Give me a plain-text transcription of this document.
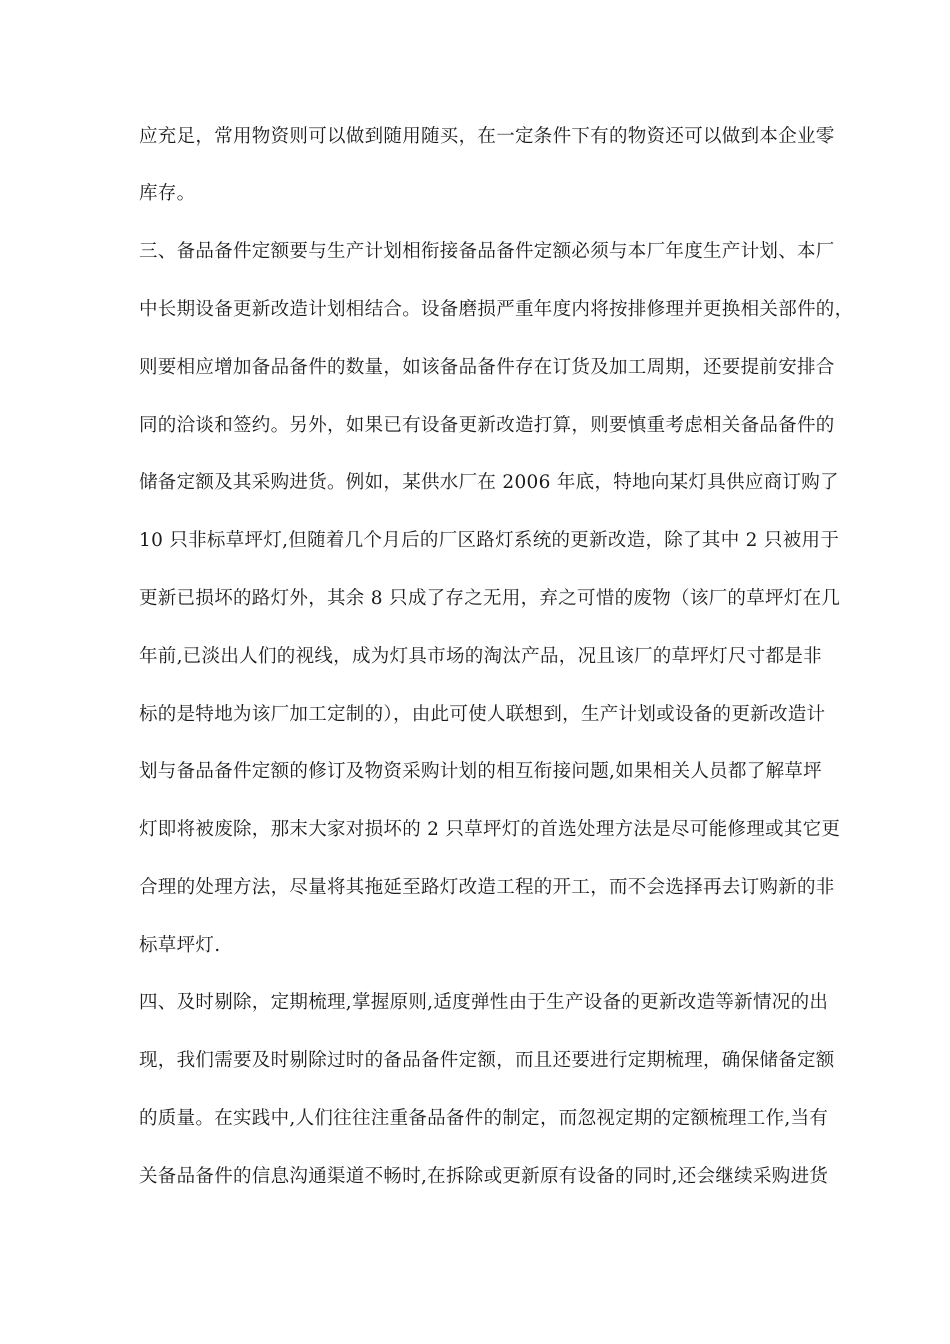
应充足，常用物资则可以做到随用随买，在一定条件下有的物资还可以做到本企业零
库存。
三、备品备件定额要与生产计划相衔接备品备件定额必须与本厂年度生产计划、本厂
中长期设备更新改造计划相结合。设备磨损严重年度内将按排修理并更换相关部件的，
则要相应增加备品备件的数量，如该备品备件存在订货及加工周期，还要提前安排合
同的洽谈和签约。另外，如果已有设备更新改造打算，则要慎重考虑相关备品备件的
储备定额及其采购进货。例如，某供水厂在 2006 年底，特地向某灯具供应商订购了
10 只非标草坪灯,但随着几个月后的厂区路灯系统的更新改造，除了其中 2 只被用于
更新已损坏的路灯外，其余 8 只成了存之无用，弃之可惜的废物（该厂的草坪灯在几
年前,已淡出人们的视线，成为灯具市场的淘汰产品，况且该厂的草坪灯尺寸都是非
标的是特地为该厂加工定制的），由此可使人联想到，生产计划或设备的更新改造计
划与备品备件定额的修订及物资采购计划的相互衔接问题,如果相关人员都了解草坪
灯即将被废除，那末大家对损坏的 2 只草坪灯的首选处理方法是尽可能修理或其它更
合理的处理方法，尽量将其拖延至路灯改造工程的开工，而不会选择再去订购新的非
标草坪灯.
四、及时剔除，定期梳理,掌握原则,适度弹性由于生产设备的更新改造等新情况的出
现，我们需要及时剔除过时的备品备件定额，而且还要进行定期梳理，确保储备定额
的质量。在实践中,人们往往注重备品备件的制定，而忽视定期的定额梳理工作,当有
关备品备件的信息沟通渠道不畅时,在拆除或更新原有设备的同时,还会继续采购进货
